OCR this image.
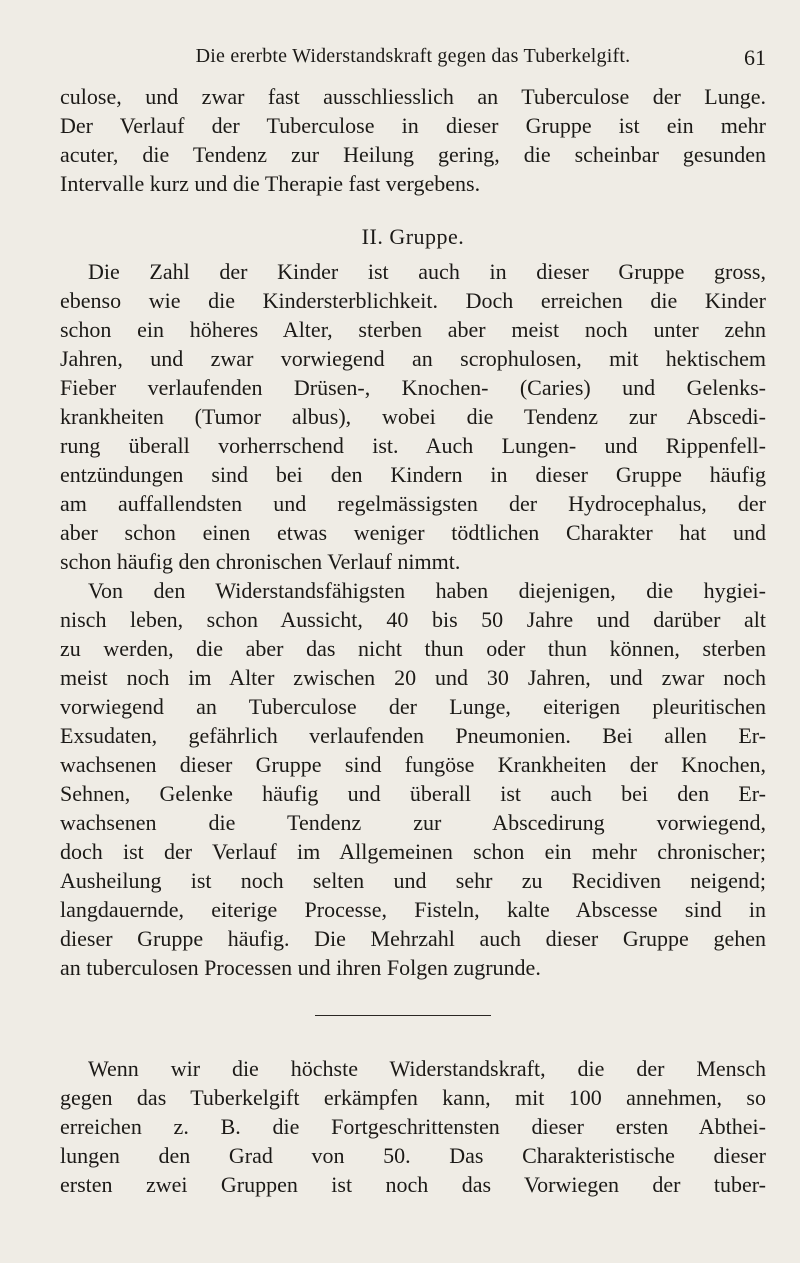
Die ererbte Widerstandskraft gegen das Tuberkelgift.	61
culose, und zwar fast ausschliesslich an Tuberculose der Lunge.
Der Verlauf der Tuberculose in dieser Gruppe ist ein mehr
acuter, die Tendenz zur Heilung gering, die scheinbar gesunden
Intervalle kurz und die Therapie fast vergebens.
II. Gruppe.
Die Zahl der Kinder ist auch in dieser Gruppe gross,
ebenso wie die Kindersterblichkeit. Doch erreichen die Kinder
schon ein höheres Alter, sterben aber meist noch unter zehn
Jahren, und zwar vorwiegend an scrophulosen, mit hektischem
Fieber verlaufenden Drüsen-, Knochen- (Caries) und Gelenks-
krankheiten (Tumor albus), wobei die Tendenz zur Abscedi-
rung überall vorherrschend ist. Auch Lungen- und Rippenfell-
entzündungen sind bei den Kindern in dieser Gruppe häufig
am auffallendsten und regelmässigsten der Hydrocephalus, der
aber schon einen etwas weniger tödtlichen Charakter hat und
schon häufig den chronischen Verlauf nimmt.
Von den Widerstandsfähigsten haben diejenigen, die hygiei-
nisch leben, schon Aussicht, 40 bis 50 Jahre und darüber alt
zu werden, die aber das nicht thun oder thun können, sterben
meist noch im Alter zwischen 20 und 30 Jahren, und zwar noch
vorwiegend an Tuberculose der Lunge, eiterigen pleuritischen
Exsudaten, gefährlich verlaufenden Pneumonien. Bei allen Er-
wachsenen dieser Gruppe sind fungöse Krankheiten der Knochen,
Sehnen, Gelenke häufig und überall ist auch bei den Er-
wachsenen die Tendenz zur Abscedirung vorwiegend,
doch ist der Verlauf im Allgemeinen schon ein mehr chronischer;
Ausheilung ist noch selten und sehr zu Recidiven neigend;
langdauernde, eiterige Processe, Fisteln, kalte Abscesse sind in
dieser Gruppe häufig. Die Mehrzahl auch dieser Gruppe gehen
an tuberculosen Processen und ihren Folgen zugrunde.
Wenn wir die höchste Widerstandskraft, die der Mensch
gegen das Tuberkelgift erkämpfen kann, mit 100 annehmen, so
erreichen z. B. die Fortgeschrittensten dieser ersten Abthei-
lungen den Grad von 50. Das Charakteristische dieser
ersten zwei Gruppen ist noch das Vorwiegen der tuber-
